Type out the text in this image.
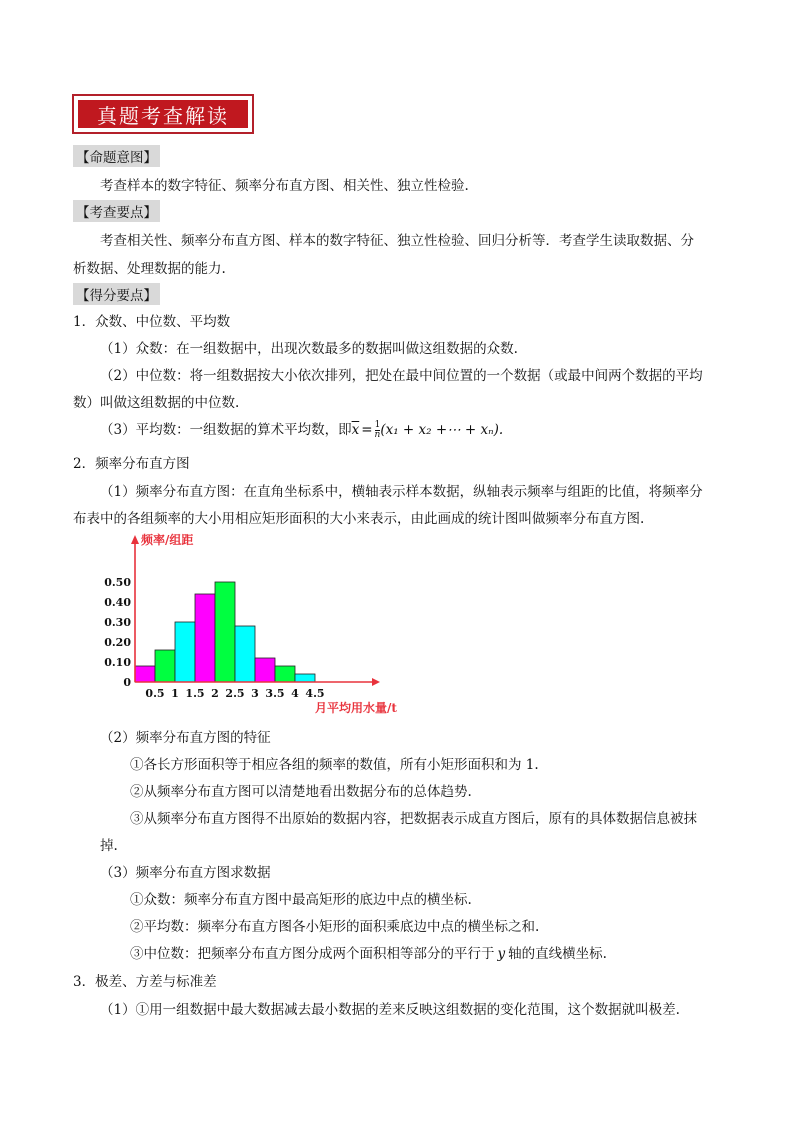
真题考查解读
【命题意图】
考查样本的数字特征、频率分布直方图、相关性、独立性检验.
【考查要点】
考查相关性、频率分布直方图、样本的数字特征、独立性检验、回归分析等．考查学生读取数据、分
析数据、处理数据的能力.
【得分要点】
1．众数、中位数、平均数
（1）众数：在一组数据中，出现次数最多的数据叫做这组数据的众数.
（2）中位数：将一组数据按大小依次排列，把处在最中间位置的一个数据（或最中间两个数据的平均
数）叫做这组数据的中位数.
（3）平均数：一组数据的算术平均数，即$\overline{x} = \frac{1}{n} (x_1 + x_2$ +⋯ + xₙ).
2．频率分布直方图
（1）频率分布直方图：在直角坐标系中，横轴表示样本数据，纵轴表示频率与组距的比值，将频率分
布表中的各组频率的大小用相应矩形面积的大小来表示，由此画成的统计图叫做频率分布直方图.
频率/组距
月平均用水量/t
0
0.10
0.20
0.30
0.40
0.50
0.5 1 1.5 2 2.5 3 3.5 4 4.5
（2）频率分布直方图的特征
①各长方形面积等于相应各组的频率的数值，所有小矩形面积和为 1.
②从频率分布直方图可以清楚地看出数据分布的总体趋势.
③从频率分布直方图得不出原始的数据内容，把数据表示成直方图后，原有的具体数据信息被抹
掉.
（3）频率分布直方图求数据
①众数：频率分布直方图中最高矩形的底边中点的横坐标.
②平均数：频率分布直方图各小矩形的面积乘底边中点的横坐标之和.
③中位数：把频率分布直方图分成两个面积相等部分的平行于 y 轴的直线横坐标.
3．极差、方差与标准差
（1）①用一组数据中最大数据减去最小数据的差来反映这组数据的变化范围，这个数据就叫极差.
